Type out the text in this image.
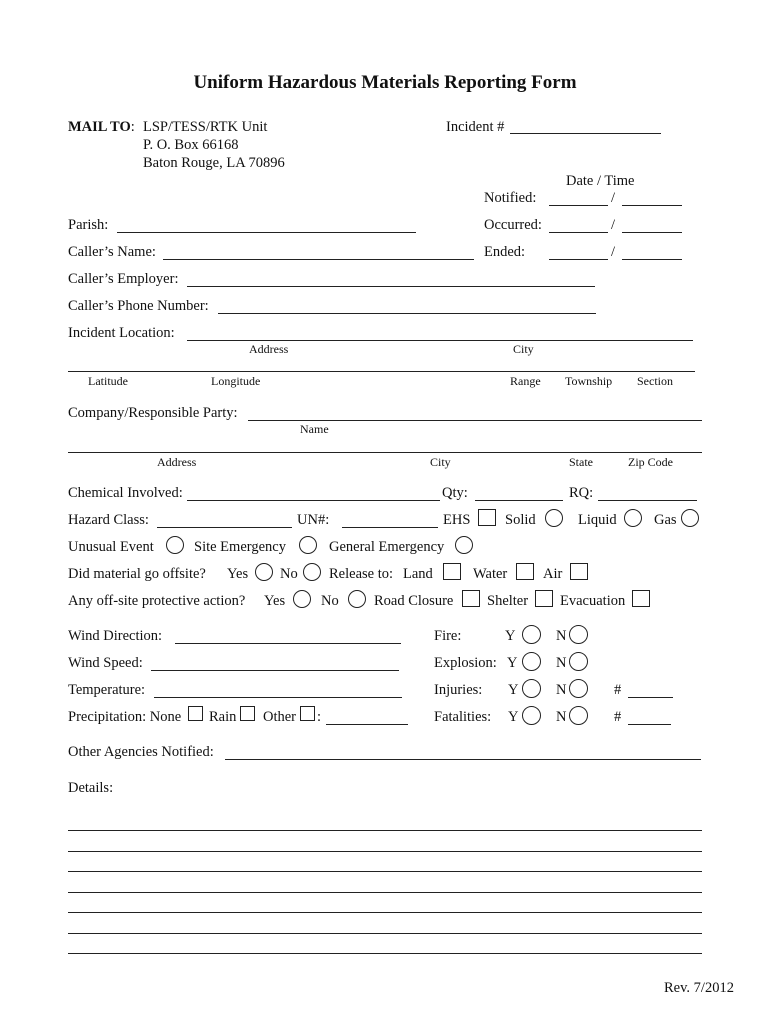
Uniform Hazardous Materials Reporting Form
MAIL TO: LSP/TESS/RTK Unit
P. O. Box 66168
Baton Rouge, LA 70896
Incident #
Date / Time
Notified:	/
Occurred:	/
Ended:	/
Parish:
Caller’s Name:
Caller’s Employer:
Caller’s Phone Number:
Incident Location:
Address	City
Latitude	Longitude	Range Township Section
Company/Responsible Party:
Name
Address	City	State	Zip Code
Chemical Involved:	Qty:	RQ:
Hazard Class:	UN#:	EHS Solid	Liquid	Gas
Unusual Event	Site Emergency	General Emergency
Did material go offsite? Yes No Release to: Land	Water Air
Any off-site protective action? Yes No Road Closure Shelter Evacuation
Wind Direction:
Wind Speed:
Temperature:
Precipitation: None Rain Other :
Fire:	Y	N
Explosion: Y	N
Injuries: Y	N	#
Fatalities: Y	N	#
Other Agencies Notified:
Details:
Rev. 7/2012
